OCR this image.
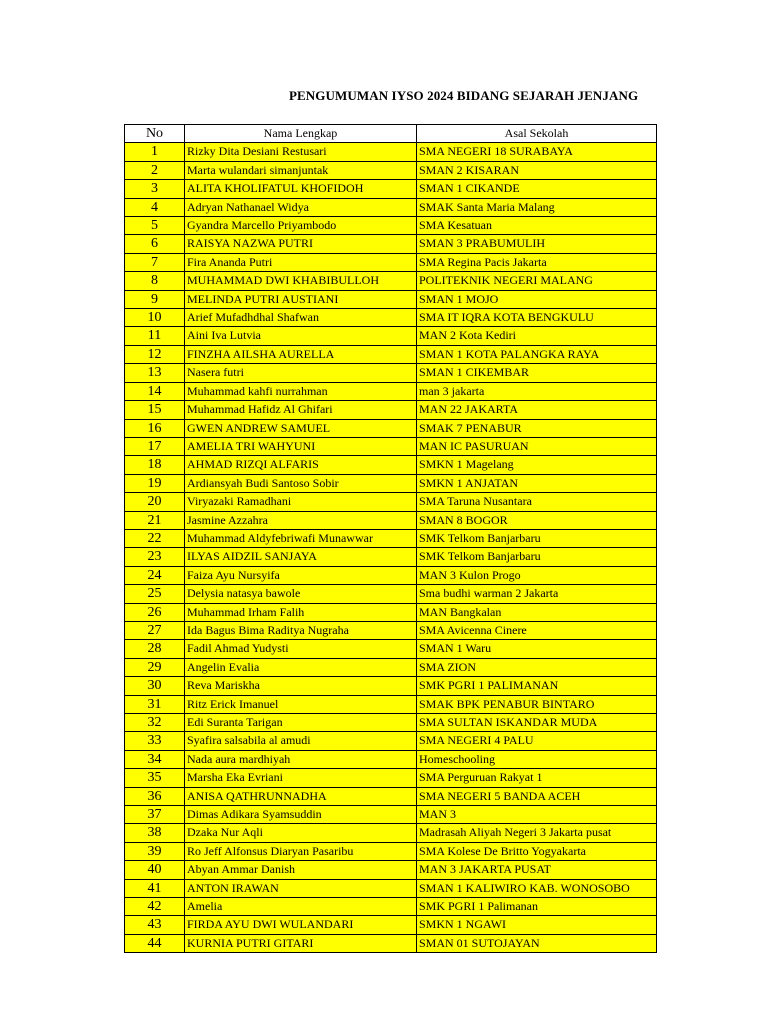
PENGUMUMAN IYSO 2024 BIDANG SEJARAH JENJANG
No	Nama Lengkap	Asal Sekolah
1	Rizky Dita Desiani Restusari	SMA NEGERI 18 SURABAYA
2	Marta wulandari simanjuntak	SMAN 2 KISARAN
3	ALITA KHOLIFATUL KHOFIDOH	SMAN 1 CIKANDE
4	Adryan Nathanael Widya	SMAK Santa Maria Malang
5	Gyandra Marcello Priyambodo	SMA Kesatuan
6	RAISYA NAZWA PUTRI	SMAN 3 PRABUMULIH
7	Fira Ananda Putri	SMA Regina Pacis Jakarta
8	MUHAMMAD DWI KHABIBULLOH	POLITEKNIK NEGERI MALANG
9	MELINDA PUTRI AUSTIANI	SMAN 1 MOJO
10	Arief Mufadhdhal Shafwan	SMA IT IQRA KOTA BENGKULU
11	Aini Iva Lutvia	MAN 2 Kota Kediri
12	FINZHA AILSHA AURELLA	SMAN 1 KOTA PALANGKA RAYA
13	Nasera futri	SMAN 1 CIKEMBAR
14	Muhammad kahfi nurrahman	man 3 jakarta
15	Muhammad Hafidz Al Ghifari	MAN 22 JAKARTA
16	GWEN ANDREW SAMUEL	SMAK 7 PENABUR
17	AMELIA TRI WAHYUNI	MAN IC PASURUAN
18	AHMAD RIZQI ALFARIS	SMKN 1 Magelang
19	Ardiansyah Budi Santoso Sobir	SMKN 1 ANJATAN
20	Viryazaki Ramadhani	SMA Taruna Nusantara
21	Jasmine Azzahra	SMAN 8 BOGOR
22	Muhammad Aldyfebriwafi Munawwar	SMK Telkom Banjarbaru
23	ILYAS AIDZIL SANJAYA	SMK Telkom Banjarbaru
24	Faiza Ayu Nursyifa	MAN 3 Kulon Progo
25	Delysia natasya bawole	Sma budhi warman 2 Jakarta
26	Muhammad Irham Falih	MAN Bangkalan
27	Ida Bagus Bima Raditya Nugraha	SMA Avicenna Cinere
28	Fadil Ahmad Yudysti	SMAN 1 Waru
29	Angelin Evalia	SMA ZION
30	Reva Mariskha	SMK PGRI 1 PALIMANAN
31	Ritz Erick Imanuel	SMAK BPK PENABUR BINTARO
32	Edi Suranta Tarigan	SMA SULTAN ISKANDAR MUDA
33	Syafira salsabila al amudi	SMA NEGERI 4 PALU
34	Nada aura mardhiyah	Homeschooling
35	Marsha Eka Evriani	SMA Perguruan Rakyat 1
36	ANISA QATHRUNNADHA	SMA NEGERI 5 BANDA ACEH
37	Dimas Adikara Syamsuddin	MAN 3
38	Dzaka Nur Aqli	Madrasah Aliyah Negeri 3 Jakarta pusat
39	Ro Jeff Alfonsus Diaryan Pasaribu	SMA Kolese De Britto Yogyakarta
40	Abyan Ammar Danish	MAN 3 JAKARTA PUSAT
41	ANTON IRAWAN	SMAN 1 KALIWIRO KAB. WONOSOBO
42	Amelia	SMK PGRI 1 Palimanan
43	FIRDA AYU DWI WULANDARI	SMKN 1 NGAWI
44	KURNIA PUTRI GITARI	SMAN 01 SUTOJAYAN
